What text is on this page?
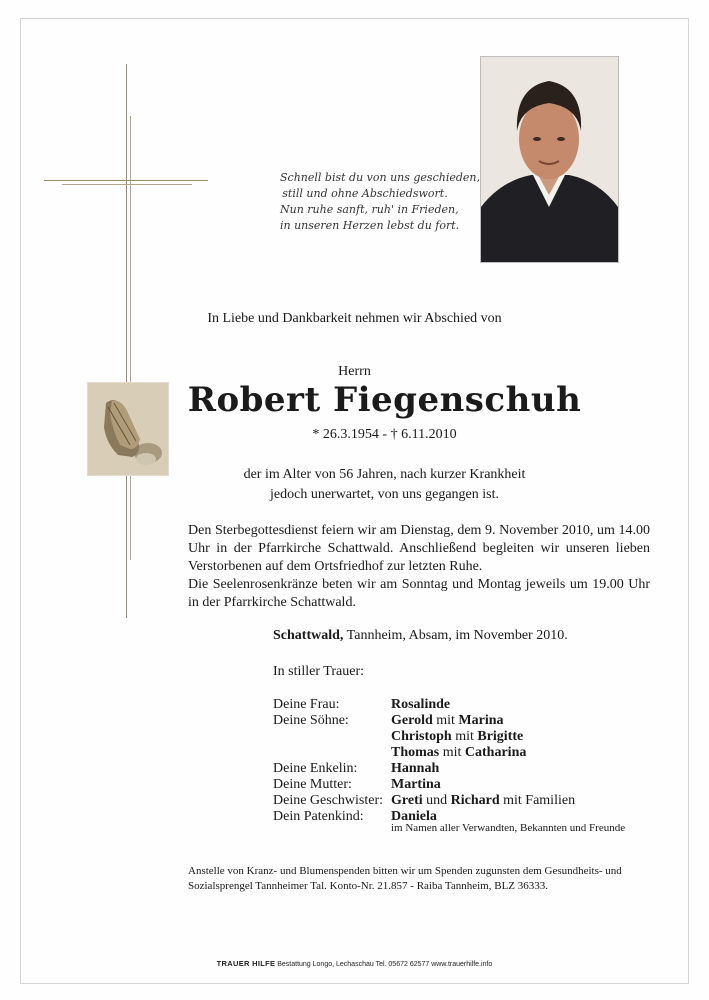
Schnell bist du von uns geschieden,
still und ohne Abschiedswort.
Nun ruhe sanft, ruh' in Frieden,
in unseren Herzen lebst du fort.
In Liebe und Dankbarkeit nehmen wir Abschied von
Herrn
Robert Fiegenschuh
* 26.3.1954 - † 6.11.2010
der im Alter von 56 Jahren, nach kurzer Krankheit
jedoch unerwartet, von uns gegangen ist.

Den Sterbegottesdienst feiern wir am Dienstag, dem 9. November 2010, um 14.00 Uhr in der Pfarrkirche Schattwald. Anschließend begleiten wir unseren lieben Verstorbenen auf dem Ortsfriedhof zur letzten Ruhe.

Die Seelenrosenkränze beten wir am Sonntag und Montag jeweils um 19.00 Uhr in der Pfarrkirche Schattwald.

Schattwald, Tannheim, Absam, im November 2010.
In stiller Trauer:
Deine Frau:	Rosalinde
Deine Söhne:	Gerold mit Marina
Christoph mit Brigitte
Thomas mit Catharina
Deine Enkelin:	Hannah
Deine Mutter:	Martina
Deine Geschwister: Greti und Richard mit Familien
Dein Patenkind:	Daniela
im Namen aller Verwandten, Bekannten und Freunde
Anstelle von Kranz- und Blumenspenden bitten wir um Spenden zugunsten dem Gesundheits- und Sozialsprengel Tannheimer Tal. Konto-Nr. 21.857 - Raiba Tannheim, BLZ 36333.
TRAUER HILFE Bestattung Longo, Lechaschau Tel. 05672 62577 www.trauerhilfe.info
